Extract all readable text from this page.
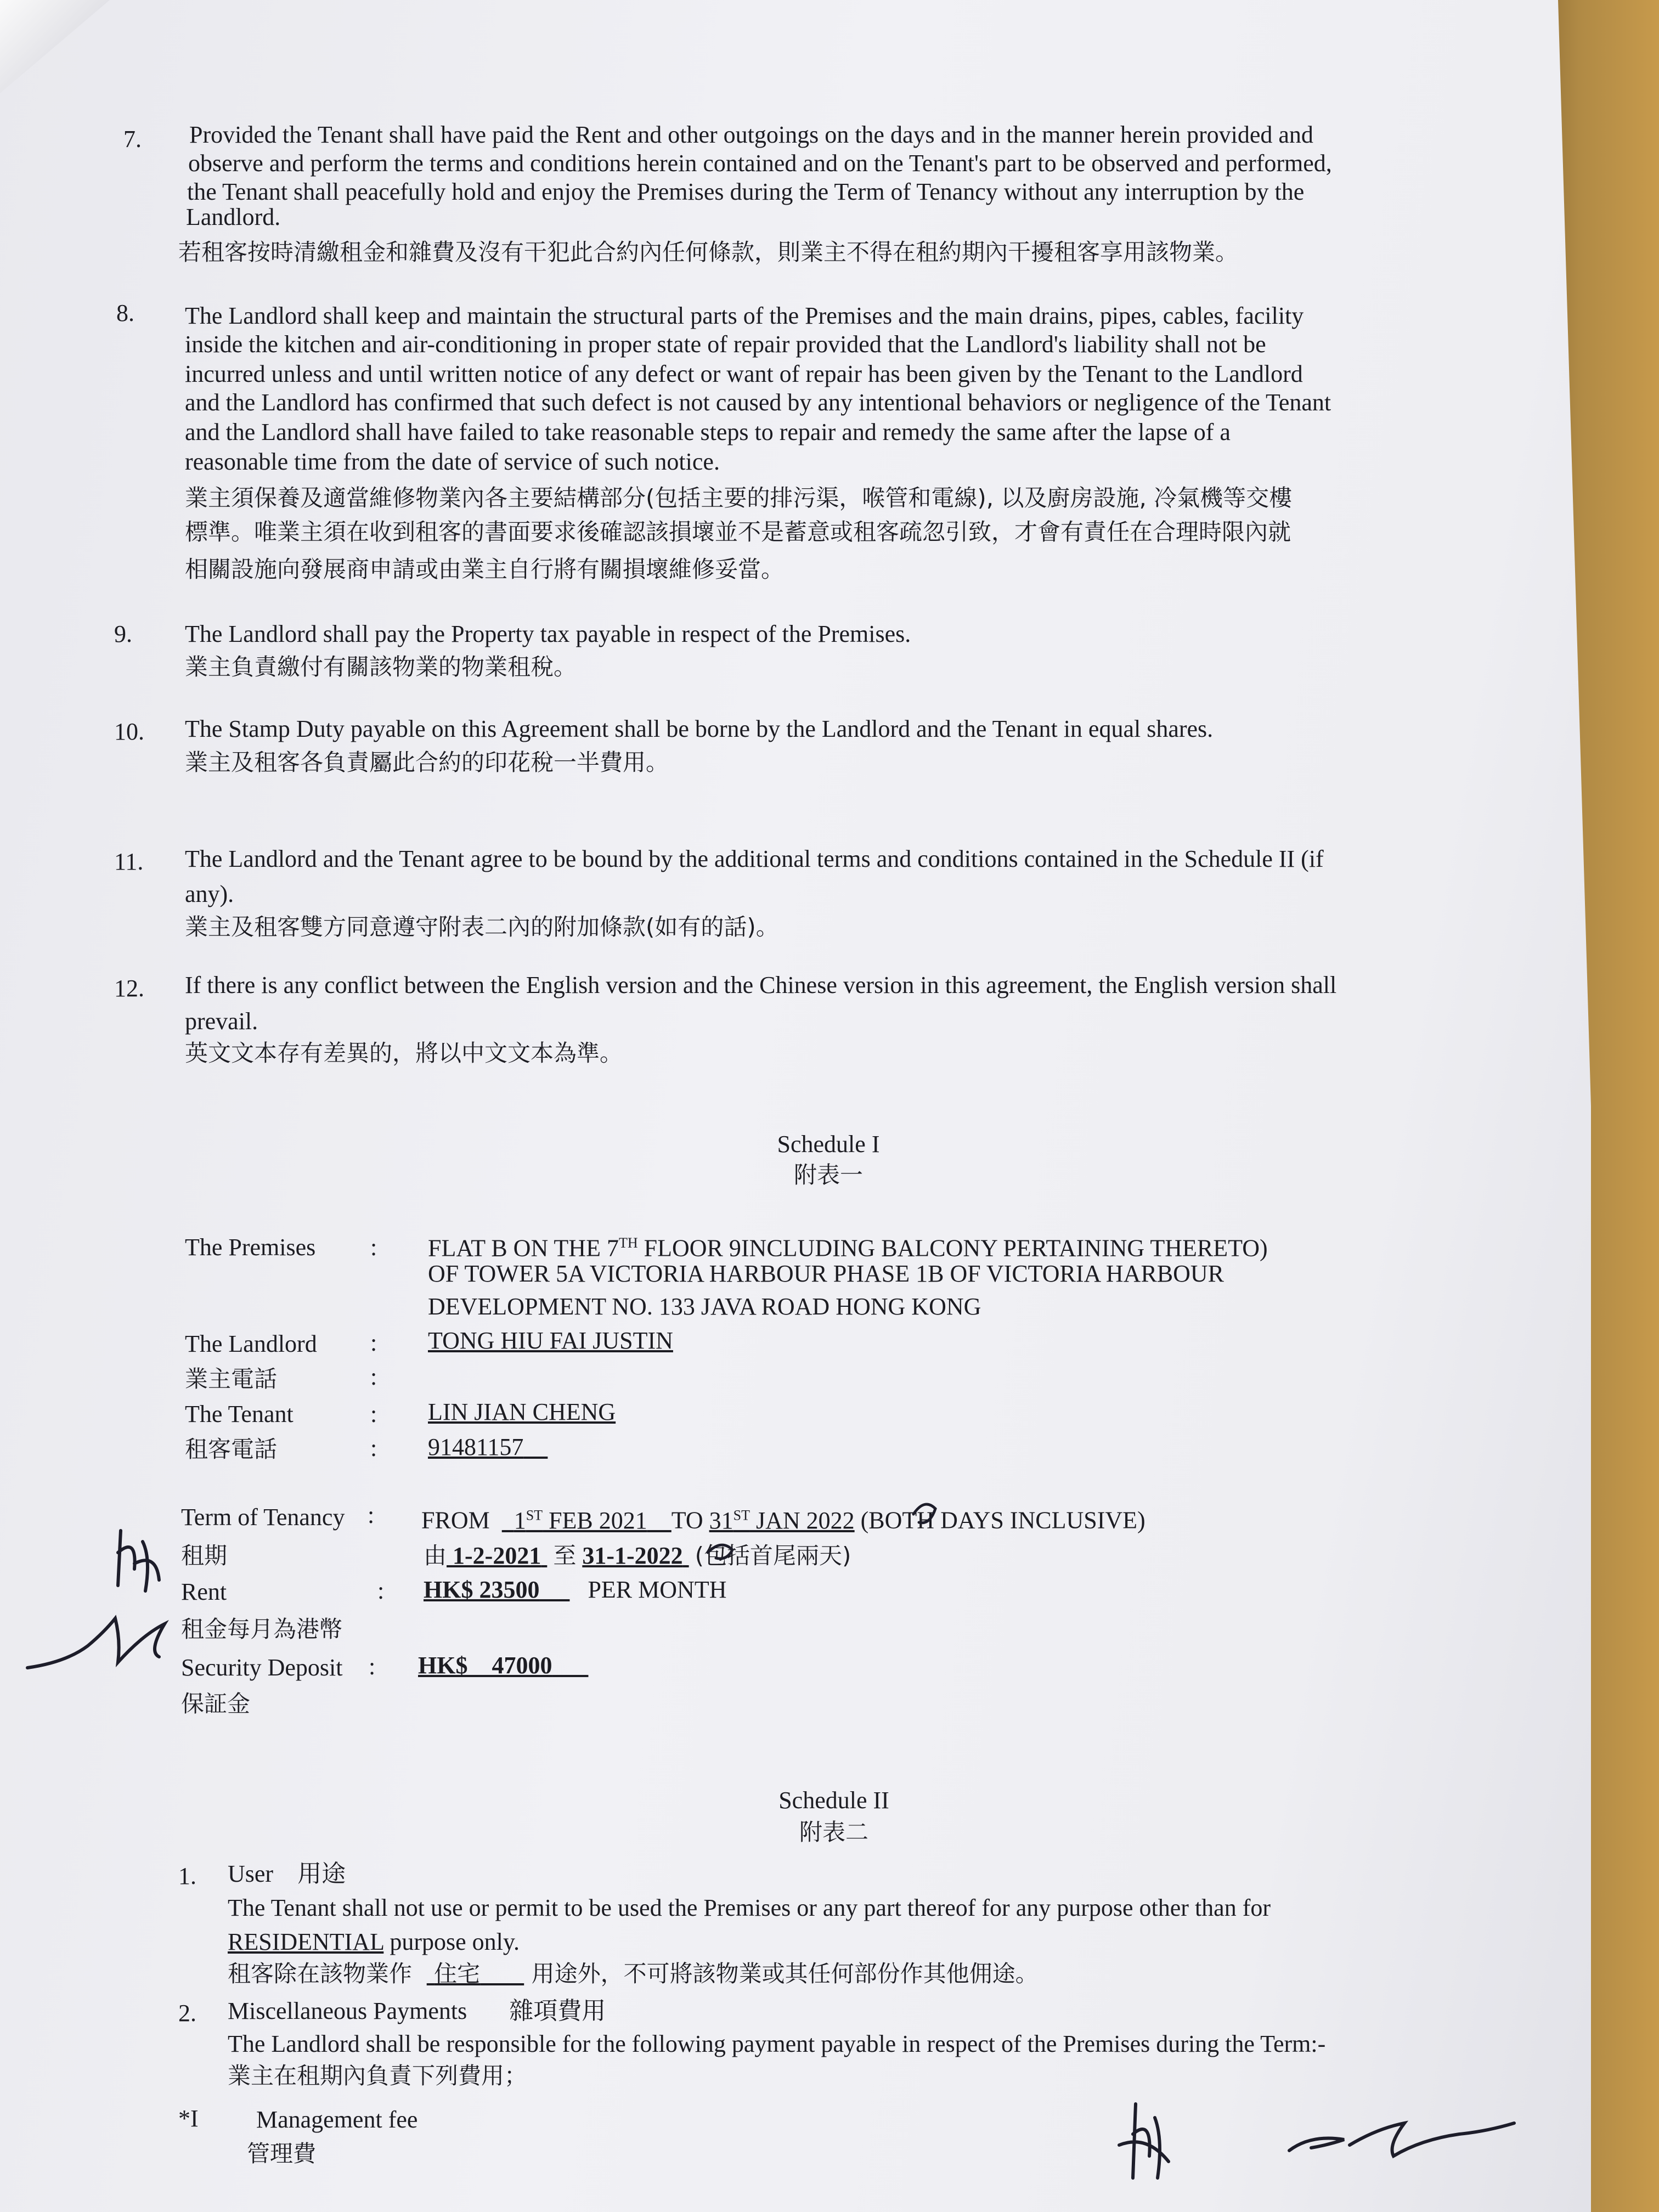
7. Provided the Tenant shall have paid the Rent and other outgoings on the days and in the manner herein provided and
observe and perform the terms and conditions herein contained and on the Tenant's part to be observed and performed,
the Tenant shall peacefully hold and enjoy the Premises during the Term of Tenancy without any interruption by the
Landlord.
若租客按時清繳租金和雜費及沒有干犯此合約內任何條款，則業主不得在租約期內干擾租客享用該物業。
8. The Landlord shall keep and maintain the structural parts of the Premises and the main drains, pipes, cables, facility
inside the kitchen and air-conditioning in proper state of repair provided that the Landlord's liability shall not be
incurred unless and until written notice of any defect or want of repair has been given by the Tenant to the Landlord
and the Landlord has confirmed that such defect is not caused by any intentional behaviors or negligence of the Tenant
and the Landlord shall have failed to take reasonable steps to repair and remedy the same after the lapse of a
reasonable time from the date of service of such notice.
業主須保養及適當維修物業內各主要結構部分(包括主要的排污渠，喉管和電線), 以及廚房設施, 冷氣機等交樓
標準。唯業主須在收到租客的書面要求後確認該損壞並不是蓄意或租客疏忽引致，才會有責任在合理時限內就
相關設施向發展商申請或由業主自行將有關損壞維修妥當。
9. The Landlord shall pay the Property tax payable in respect of the Premises.
業主負責繳付有關該物業的物業租稅。
10. The Stamp Duty payable on this Agreement shall be borne by the Landlord and the Tenant in equal shares.
業主及租客各負責屬此合約的印花稅一半費用。
11. The Landlord and the Tenant agree to be bound by the additional terms and conditions contained in the Schedule II (if
any).
業主及租客雙方同意遵守附表二內的附加條款(如有的話)。
12. If there is any conflict between the English version and the Chinese version in this agreement, the English version shall
prevail.
英文文本存有差異的，將以中文文本為準。
Schedule I
附表一
The Premises : FLAT B ON THE 7TH FLOOR 9INCLUDING BALCONY PERTAINING THERETO)
OF TOWER 5A VICTORIA HARBOUR PHASE 1B OF VICTORIA HARBOUR
DEVELOPMENT NO. 133 JAVA ROAD HONG KONG
The Landlord : TONG HIU FAI JUSTIN
業主電話	:
The Tenant	: LIN JIAN CHENG
租客電話	: 91481157
Term of Tenancy : FROM 1ST FEB 2021 TO 31ST JAN 2022 (BOTH DAYS INCLUSIVE)
租期	由 1-2-2021 至 31-1-2022 (包括首尾兩天)
Rent	: HK$ 23500 PER MONTH
租金每月為港幣
Security Deposit : HK$    47000
保証金
Schedule II
附表二
1. User    用途
The Tenant shall not use or permit to be used the Premises or any part thereof for any purpose other than for
RESIDENTIAL purpose only.
租客除在該物業作 住宅 用途外，不可將該物業或其任何部份作其他佣途。
2. Miscellaneous Payments       雜項費用
The Landlord shall be responsible for the following payment payable in respect of the Premises during the Term:-
業主在租期內負責下列費用；
*I Management fee
管理費
